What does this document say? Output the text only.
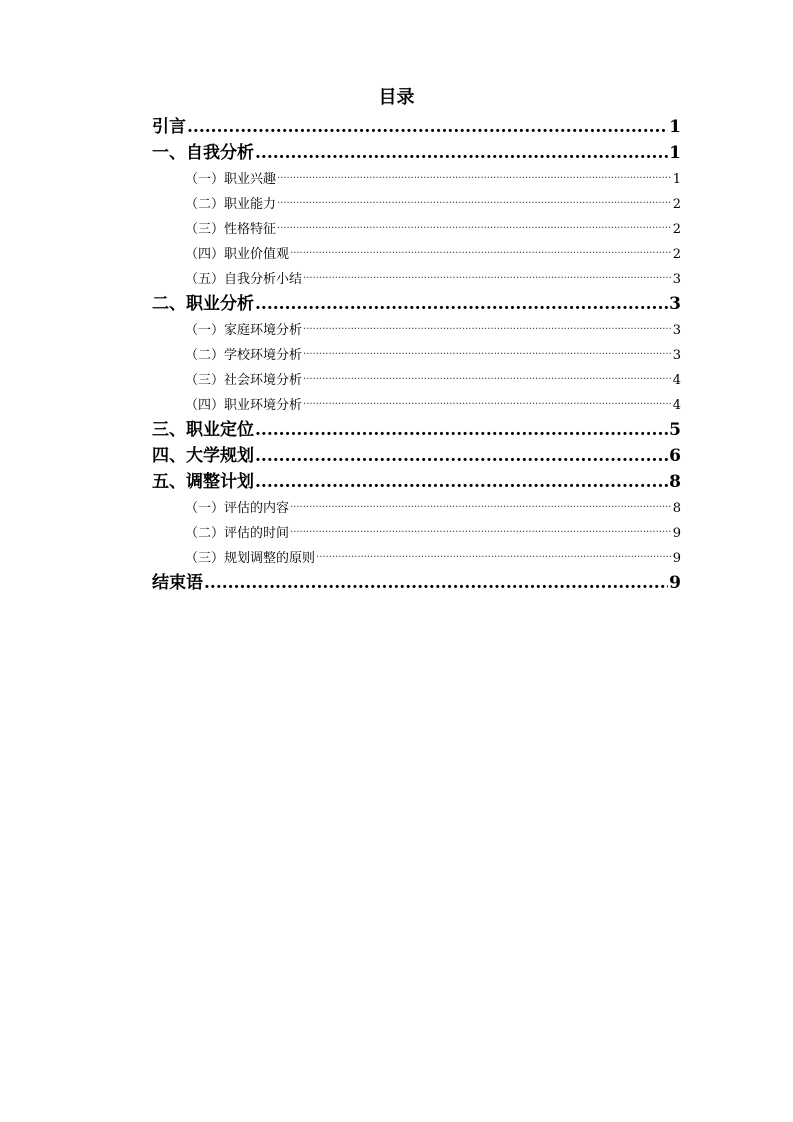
目录
引言 .....	1
一、自我分析 .....	1
（一）职业兴趣 .....	1
（二）职业能力 .....	2
（三）性格特征 .....	2
（四）职业价值观 .....	2
（五）自我分析小结 .....	3
二、职业分析 .....	3
（一）家庭环境分析 .....	3
（二）学校环境分析 .....	3
（三）社会环境分析 .....	4
（四）职业环境分析 .....	4
三、职业定位 .....	5
四、大学规划 .....	6
五、调整计划 .....	8
（一）评估的内容 .....	8
（二）评估的时间 .....	9
（三）规划调整的原则 .....	9
结束语 .....	9
